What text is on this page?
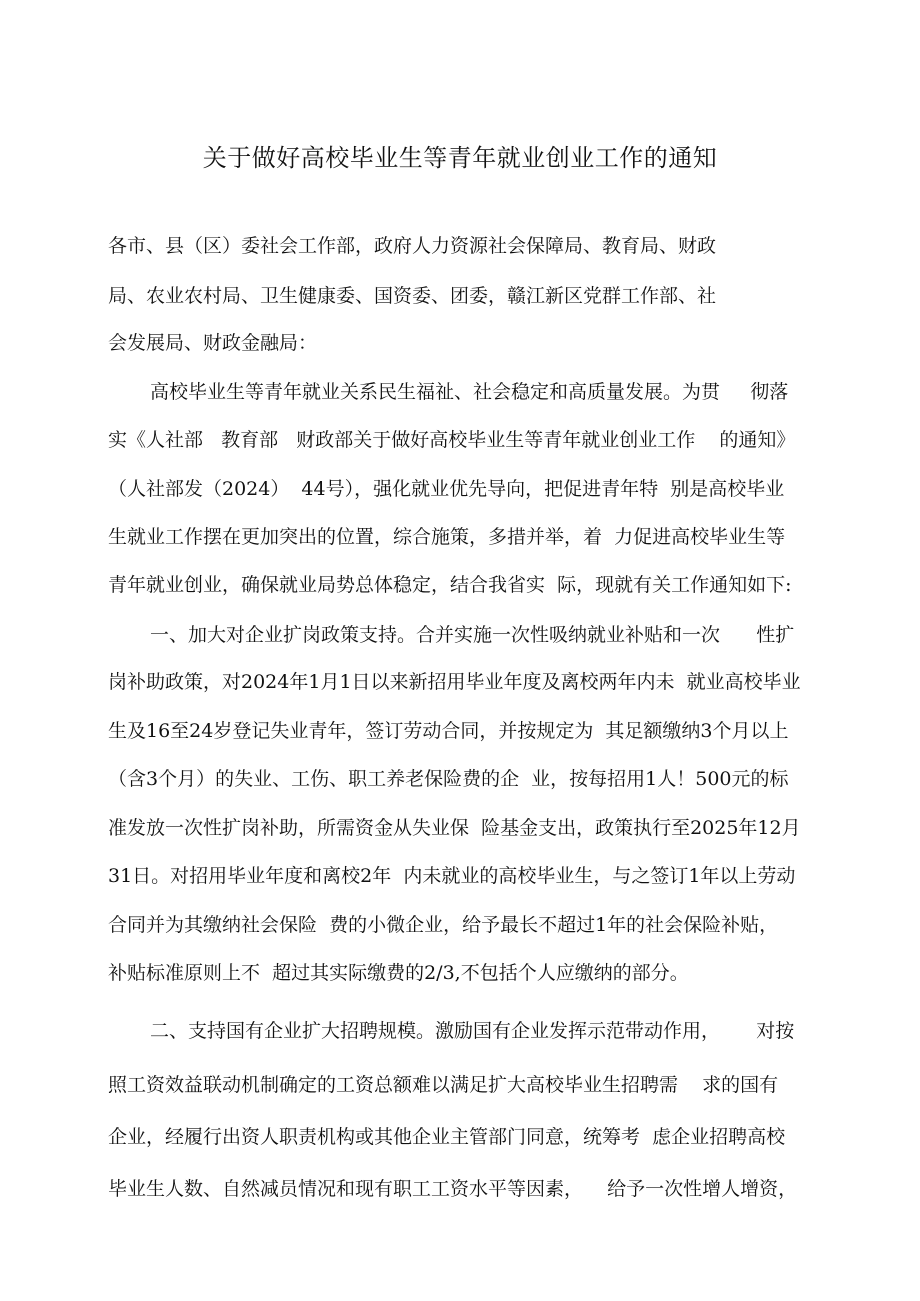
关于做好高校毕业生等青年就业创业工作的通知
各市、县（区）委社会工作部，政府人力资源社会保障局、教育局、财政
局、农业农村局、卫生健康委、国资委、团委，赣江新区党群工作部、社
会发展局、财政金融局：
高校毕业生等青年就业关系民生福祉、社会稳定和高质量发展。为贯     彻落
实《人社部   教育部   财政部关于做好高校毕业生等青年就业创业工作    的通知》
（人社部发（2024）  44号），强化就业优先导向，把促进青年特  别是高校毕业
生就业工作摆在更加突出的位置，综合施策，多措并举，着  力促进高校毕业生等
青年就业创业，确保就业局势总体稳定，结合我省实  际，现就有关工作通知如下:
一、加大对企业扩岗政策支持。合并实施一次性吸纳就业补贴和一次      性扩
岗补助政策，对2024年1月1日以来新招用毕业年度及离校两年内未  就业高校毕业
生及16至24岁登记失业青年，签订劳动合同，并按规定为  其足额缴纳3个月以上
（含3个月）的失业、工伤、职工养老保险费的企  业，按每招用1人！500元的标
准发放一次性扩岗补助，所需资金从失业保  险基金支出，政策执行至2025年12月
31日。对招用毕业年度和离校2年  内未就业的高校毕业生，与之签订1年以上劳动
合同并为其缴纳社会保险  费的小微企业，给予最长不超过1年的社会保险补贴，
补贴标准原则上不  超过其实际缴费的2/3,不包括个人应缴纳的部分。
二、支持国有企业扩大招聘规模。激励国有企业发挥示范带动作用，      对按
照工资效益联动机制确定的工资总额难以满足扩大高校毕业生招聘需    求的国有
企业，经履行出资人职责机构或其他企业主管部门同意，统筹考  虑企业招聘高校
毕业生人数、自然减员情况和现有职工工资水平等因素，    给予一次性增人增资，
